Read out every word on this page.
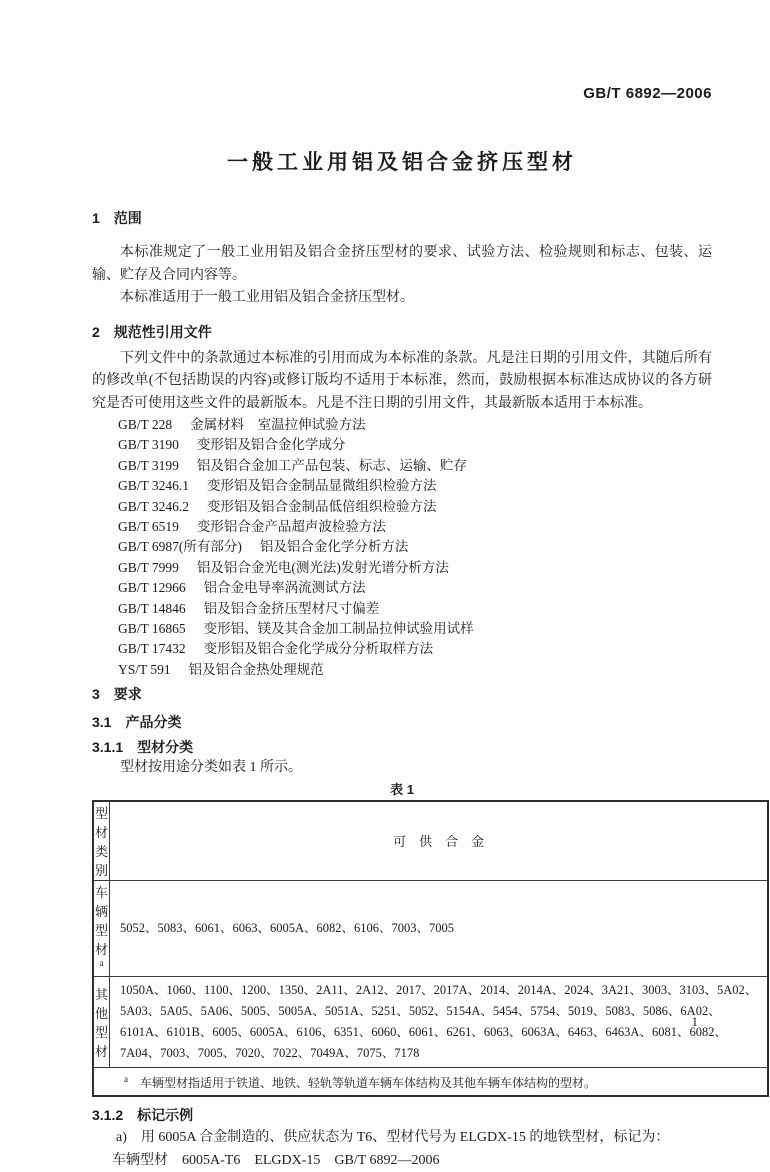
GB/T 6892—2006
一般工业用铝及铝合金挤压型材
1 范围
本标准规定了一般工业用铝及铝合金挤压型材的要求、试验方法、检验规则和标志、包装、运输、贮存及合同内容等。
本标准适用于一般工业用铝及铝合金挤压型材。
2 规范性引用文件
下列文件中的条款通过本标准的引用而成为本标准的条款。凡是注日期的引用文件，其随后所有的修改单(不包括勘误的内容)或修订版均不适用于本标准，然而，鼓励根据本标准达成协议的各方研究是否可使用这些文件的最新版本。凡是不注日期的引用文件，其最新版本适用于本标准。
GB/T 228 金属材料　室温拉伸试验方法
GB/T 3190 变形铝及铝合金化学成分
GB/T 3199 铝及铝合金加工产品包装、标志、运输、贮存
GB/T 3246.1 变形铝及铝合金制品显微组织检验方法
GB/T 3246.2 变形铝及铝合金制品低倍组织检验方法
GB/T 6519 变形铝合金产品超声波检验方法
GB/T 6987(所有部分) 铝及铝合金化学分析方法
GB/T 7999 铝及铝合金光电(测光法)发射光谱分析方法
GB/T 12966 铝合金电导率涡流测试方法
GB/T 14846 铝及铝合金挤压型材尺寸偏差
GB/T 16865 变形铝、镁及其合金加工制品拉伸试验用试样
GB/T 17432 变形铝及铝合金化学成分分析取样方法
YS/T 591 铝及铝合金热处理规范
3 要求
3.1 产品分类
3.1.1 型材分类
型材按用途分类如表 1 所示。
表 1
型材类别	可　供　合　金
车辆型材$^a$	5052、5083、6061、6063、6005A、6082、6106、7003、7005
其他型材	1050A、1060、1100、1200、1350、2A11、2A12、2017、2017A、2014、2014A、2024、3A21、3003、3103、5A02、
5A03、5A05、5A06、5005、5005A、5051A、5251、5052、5154A、5454、5754、5019、5083、5086、6A02、
6101A、6101B、6005、6005A、6106、6351、6060、6061、6261、6063、6063A、6463、6463A、6081、6082、
7A04、7003、7005、7020、7022、7049A、7075、7178

$^a$　 车辆型材指适用于铁道、地铁、轻轨等轨道车辆车体结构及其他车辆车体结构的型材。	
3.1.2 标记示例
a)　用 6005A 合金制造的、供应状态为 T6、型材代号为 ELGDX-15 的地铁型材，标记为：
车辆型材　6005A-T6　ELGDX-15　GB/T 6892—2006
1
